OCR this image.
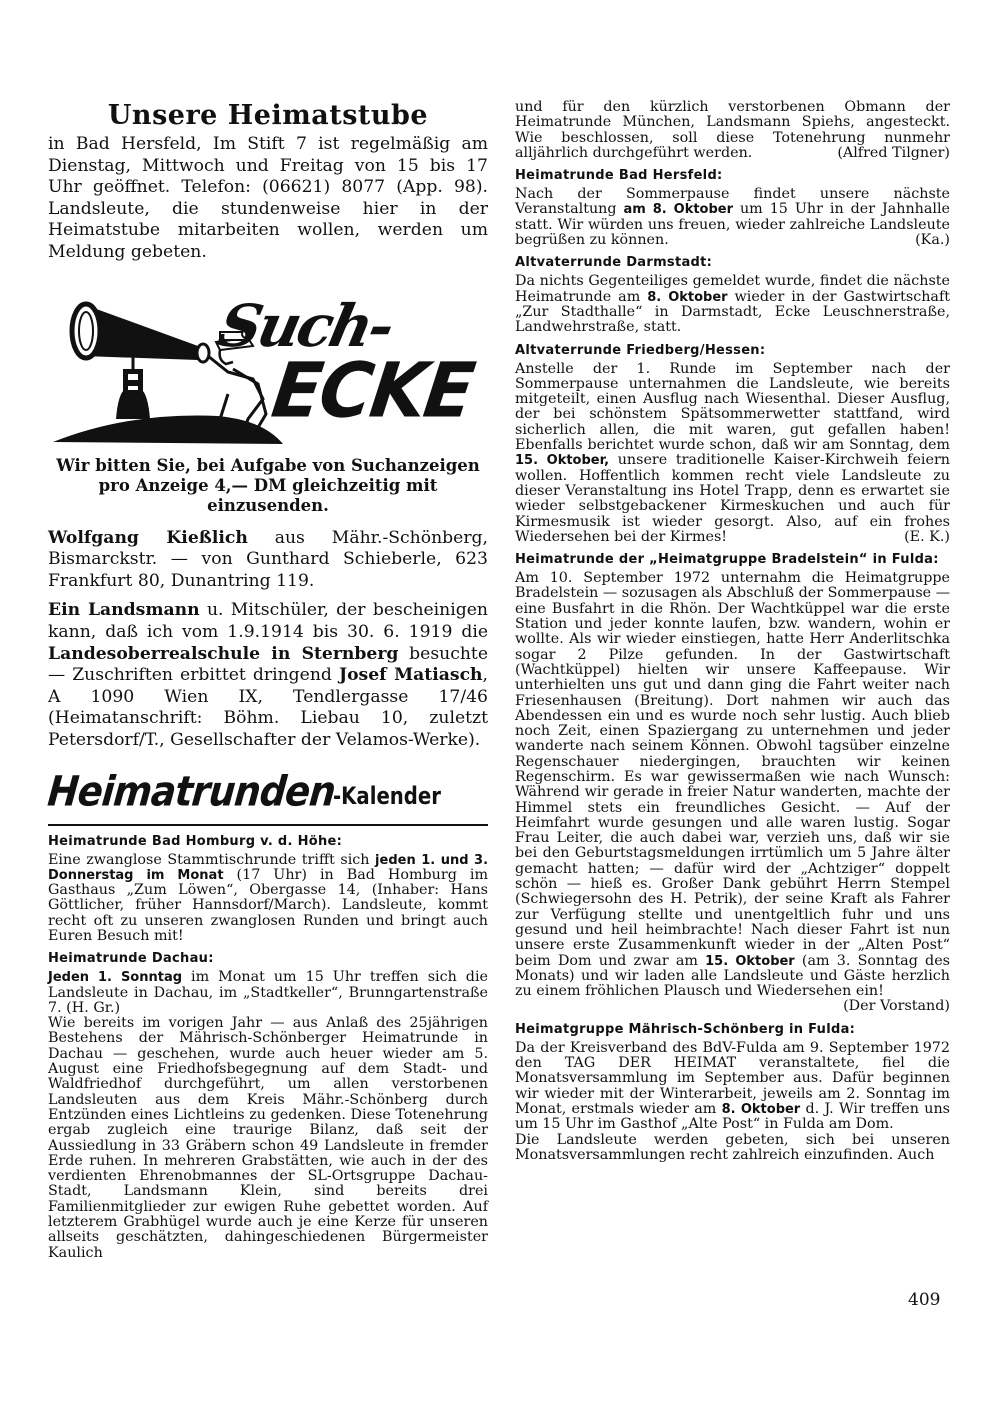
Unsere Heimatstube

in Bad Hersfeld, Im Stift 7 ist regelmäßig am Dienstag, Mittwoch und Freitag von 15 bis 17 Uhr geöffnet. Telefon: (06621) 8077 (App. 98). Landsleute, die stundenweise hier in der Heimatstube mitarbeiten wollen, werden um Meldung gebeten.

Such-
ECKE

Wir bitten Sie, bei Aufgabe von Suchanzeigen pro Anzeige 4,— DM gleichzeitig mit einzusenden.

Wolfgang Kießlich aus Mähr.-Schönberg, Bismarckstr. — von Gunthard Schieberle, 623 Frankfurt 80, Dunantring 119.

Ein Landsmann u. Mitschüler, der bescheinigen kann, daß ich vom 1.9.1914 bis 30. 6. 1919 die Landesoberrealschule in Sternberg besuchte — Zuschriften erbittet dringend Josef Matiasch, A 1090 Wien IX, Tendlergasse 17/46 (Heimatanschrift: Böhm. Liebau 10, zuletzt Petersdorf/T., Gesellschafter der Velamos-Werke).

Heimatrunden-Kalender
Heimatrunde Bad Homburg v. d. Höhe:

Eine zwanglose Stammtischrunde trifft sich jeden 1. und 3. Donnerstag im Monat (17 Uhr) in Bad Homburg im Gasthaus „Zum Löwen“, Obergasse 14, (Inhaber: Hans Göttlicher, früher Hannsdorf/March). Landsleute, kommt recht oft zu unseren zwanglosen Runden und bringt auch Euren Besuch mit!

Heimatrunde Dachau:

Jeden 1. Sonntag im Monat um 15 Uhr treffen sich die Landsleute in Dachau, im „Stadtkeller“, Brunngartenstraße 7. (H. Gr.)

Wie bereits im vorigen Jahr — aus Anlaß des 25jährigen Bestehens der Mährisch-Schönberger Heimatrunde in Dachau — geschehen, wurde auch heuer wieder am 5. August eine Friedhofsbegegnung auf dem Stadt- und Waldfriedhof durchgeführt, um allen verstorbenen Landsleuten aus dem Kreis Mähr.-Schönberg durch Entzünden eines Lichtleins zu gedenken. Diese Totenehrung ergab zugleich eine traurige Bilanz, daß seit der Aussiedlung in 33 Gräbern schon 49 Landsleute in fremder Erde ruhen. In mehreren Grabstätten, wie auch in der des verdienten Ehrenobmannes der SL-Ortsgruppe Dachau-Stadt, Landsmann Klein, sind bereits drei Familienmitglieder zur ewigen Ruhe gebettet worden. Auf letzterem Grabhügel wurde auch je eine Kerze für unseren allseits geschätzten, dahingeschiedenen Bürgermeister Kaulich

und für den kürzlich verstorbenen Obmann der Heimatrunde München, Landsmann Spiehs, angesteckt. Wie beschlossen, soll diese Totenehrung nunmehr alljährlich durchgeführt werden.	(Alfred Tilgner)

Heimatrunde Bad Hersfeld:

Nach der Sommerpause findet unsere nächste Veranstaltung am 8. Oktober um 15 Uhr in der Jahnhalle statt. Wir würden uns freuen, wieder zahlreiche Landsleute begrüßen zu können.	(Ka.)

Altvaterrunde Darmstadt:

Da nichts Gegenteiliges gemeldet wurde, findet die nächste Heimatrunde am 8. Oktober wieder in der Gastwirtschaft „Zur Stadthalle“ in Darmstadt, Ecke Leuschnerstraße, Landwehrstraße, statt.

Altvaterrunde Friedberg/Hessen:

Anstelle der 1. Runde im September nach der Sommerpause unternahmen die Landsleute, wie bereits mitgeteilt, einen Ausflug nach Wiesenthal. Dieser Ausflug, der bei schönstem Spätsommerwetter stattfand, wird sicherlich allen, die mit waren, gut gefallen haben! Ebenfalls berichtet wurde schon, daß wir am Sonntag, dem 15. Oktober, unsere traditionelle Kaiser-Kirchweih feiern wollen. Hoffentlich kommen recht viele Landsleute zu dieser Veranstaltung ins Hotel Trapp, denn es erwartet sie wieder selbstgebackener Kirmeskuchen und auch für Kirmesmusik ist wieder gesorgt. Also, auf ein frohes Wiedersehen bei der Kirmes!	(E. K.)

Heimatrunde der „Heimatgruppe Bradelstein“ in Fulda:

Am 10. September 1972 unternahm die Heimatgruppe Bradelstein — sozusagen als Abschluß der Sommerpause — eine Busfahrt in die Rhön. Der Wachtküppel war die erste Station und jeder konnte laufen, bzw. wandern, wohin er wollte. Als wir wieder einstiegen, hatte Herr Anderlitschka sogar 2 Pilze gefunden. In der Gastwirtschaft (Wachtküppel) hielten wir unsere Kaffeepause. Wir unterhielten uns gut und dann ging die Fahrt weiter nach Friesenhausen (Breitung). Dort nahmen wir auch das Abendessen ein und es wurde noch sehr lustig. Auch blieb noch Zeit, einen Spaziergang zu unternehmen und jeder wanderte nach seinem Können. Obwohl tagsüber einzelne Regenschauer niedergingen, brauchten wir keinen Regenschirm. Es war gewissermaßen wie nach Wunsch: Während wir gerade in freier Natur wanderten, machte der Himmel stets ein freundliches Gesicht. — Auf der Heimfahrt wurde gesungen und alle waren lustig. Sogar Frau Leiter, die auch dabei war, verzieh uns, daß wir sie bei den Geburtstagsmeldungen irrtümlich um 5 Jahre älter gemacht hatten; — dafür wird der „Achtziger“ doppelt schön — hieß es. Großer Dank gebührt Herrn Stempel (Schwiegersohn des H. Petrik), der seine Kraft als Fahrer zur Verfügung stellte und unentgeltlich fuhr und uns gesund und heil heimbrachte! Nach dieser Fahrt ist nun unsere erste Zusammenkunft wieder in der „Alten Post“ beim Dom und zwar am 15. Oktober (am 3. Sonntag des Monats) und wir laden alle Landsleute und Gäste herzlich zu einem fröhlichen Plausch und Wiedersehen ein!

(Der Vorstand)

Heimatgruppe Mährisch-Schönberg in Fulda:

Da der Kreisverband des BdV-Fulda am 9. September 1972 den TAG DER HEIMAT veranstaltete, fiel die Monatsversammlung im September aus. Dafür beginnen wir wieder mit der Winterarbeit, jeweils am 2. Sonntag im Monat, erstmals wieder am 8. Oktober d. J. Wir treffen uns um 15 Uhr im Gasthof „Alte Post“ in Fulda am Dom.

Die Landsleute werden gebeten, sich bei unseren Monatsversammlungen recht zahlreich einzufinden. Auch

409
